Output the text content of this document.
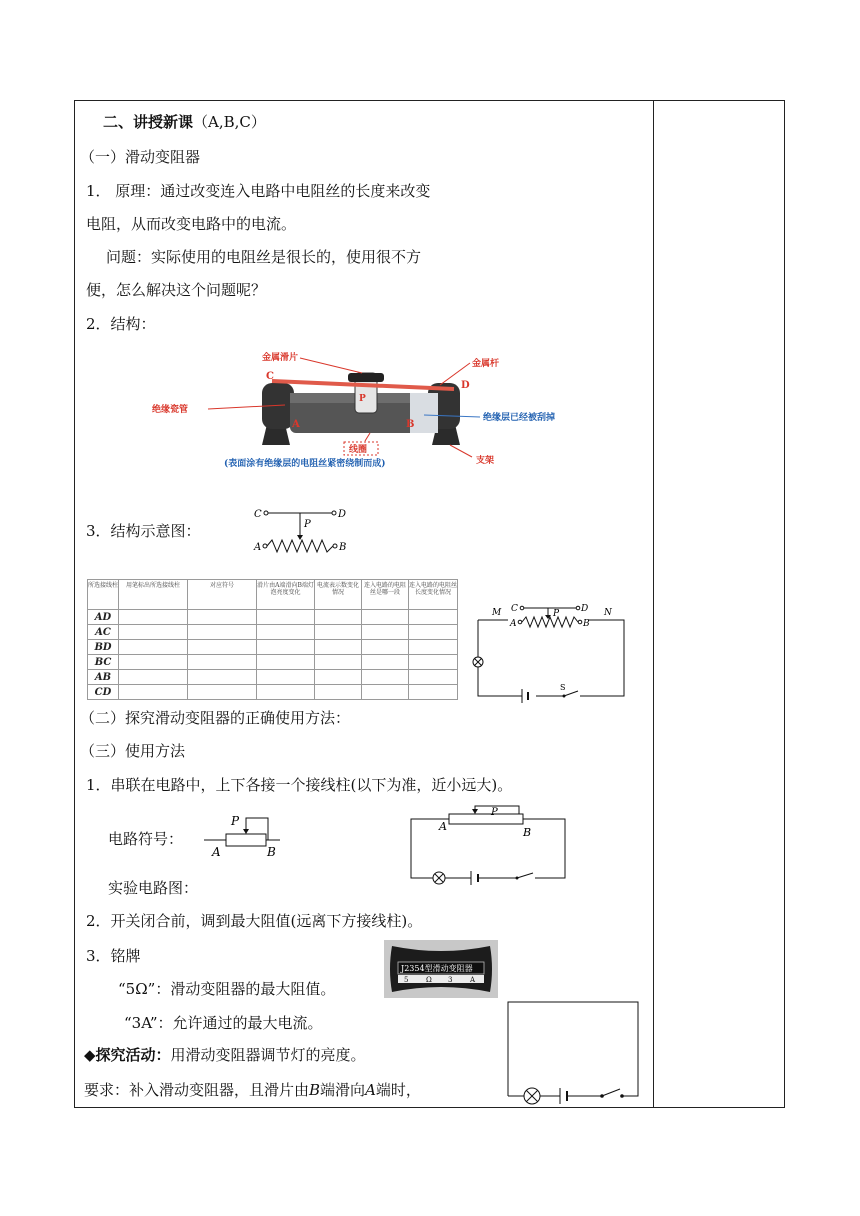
二、讲授新课（A,B,C）
（一）滑动变阻器
1． 原理：通过改变连入电路中电阻丝的长度来改变
电阻，从而改变电路中的电流。
问题：实际使用的电阻丝是很长的，使用很不方
便，怎么解决这个问题呢？
2．结构：
C
D
P
A	B
金属滑片
金属杆
绝缘瓷管
绝缘层已经被刮掉
线圈
(表面涂有绝缘层的电阻丝紧密绕制而成)	支架
3．结构示意图：
C	D
P
A	B
所选接线柱	用笔标出所选接线柱	对应符号	滑片由A端滑向B端灯泡亮度变化	电流表示数变化情况	连入电路的电阻丝是哪一段	连入电路的电阻丝长度变化情况
AD						
AC						
BD						
BC						
AB						
CD						
M	N
C	D
P
A	B
S
（二）探究滑动变阻器的正确使用方法：
（三）使用方法
1．串联在电路中，上下各接一个接线柱(以下为准，近小远大)。
电路符号：
P
A	B
P
A	B
实验电路图：
2．开关闭合前，调到最大阻值(远离下方接线柱)。
3．铭牌
“5Ω”：滑动变阻器的最大阻值。
J2354型滑动变阻器
5	Ω 3	A
“3A”：允许通过的最大电流。
◆探究活动：用滑动变阻器调节灯的亮度。
要求：补入滑动变阻器，且滑片由B端滑向A端时，
